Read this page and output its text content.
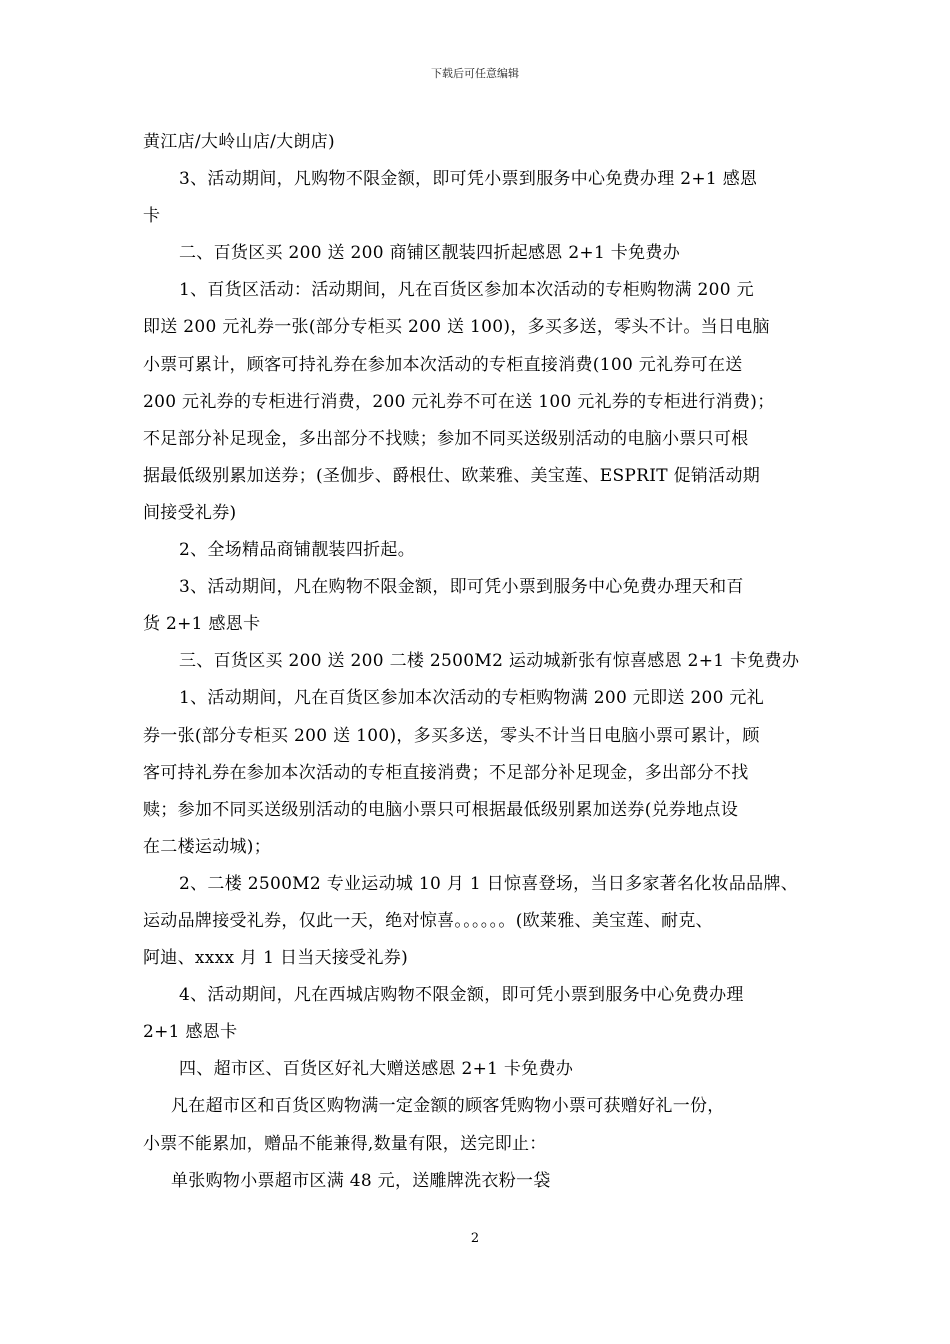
下载后可任意编辑
黄江店/大岭山店/大朗店)
3、活动期间，凡购物不限金额，即可凭小票到服务中心免费办理 2+1 感恩
卡
二、百货区买 200 送 200 商铺区靓装四折起感恩 2+1 卡免费办
1、百货区活动：活动期间，凡在百货区参加本次活动的专柜购物满 200 元
即送 200 元礼券一张(部分专柜买 200 送 100)，多买多送，零头不计。当日电脑
小票可累计，顾客可持礼券在参加本次活动的专柜直接消费(100 元礼券可在送
200 元礼券的专柜进行消费，200 元礼券不可在送 100 元礼券的专柜进行消费)；
不足部分补足现金，多出部分不找赎；参加不同买送级别活动的电脑小票只可根
据最低级别累加送券；(圣伽步、爵根仕、欧莱雅、美宝莲、ESPRIT 促销活动期
间接受礼券)
2、全场精品商铺靓装四折起。
3、活动期间，凡在购物不限金额，即可凭小票到服务中心免费办理天和百
货 2+1 感恩卡
三、百货区买 200 送 200 二楼 2500M2 运动城新张有惊喜感恩 2+1 卡免费办
1、活动期间，凡在百货区参加本次活动的专柜购物满 200 元即送 200 元礼
券一张(部分专柜买 200 送 100)，多买多送，零头不计当日电脑小票可累计，顾
客可持礼券在参加本次活动的专柜直接消费；不足部分补足现金，多出部分不找
赎；参加不同买送级别活动的电脑小票只可根据最低级别累加送券(兑券地点设
在二楼运动城)；
2、二楼 2500M2 专业运动城 10 月 1 日惊喜登场，当日多家著名化妆品品牌、
运动品牌接受礼券，仅此一天，绝对惊喜。。。。。。(欧莱雅、美宝莲、耐克、
阿迪、xxxx 月 1 日当天接受礼券)
4、活动期间，凡在西城店购物不限金额，即可凭小票到服务中心免费办理
2+1 感恩卡
四、超市区、百货区好礼大赠送感恩 2+1 卡免费办
凡在超市区和百货区购物满一定金额的顾客凭购物小票可获赠好礼一份，
小票不能累加，赠品不能兼得,数量有限，送完即止：
单张购物小票超市区满 48 元，送雕牌洗衣粉一袋
2
